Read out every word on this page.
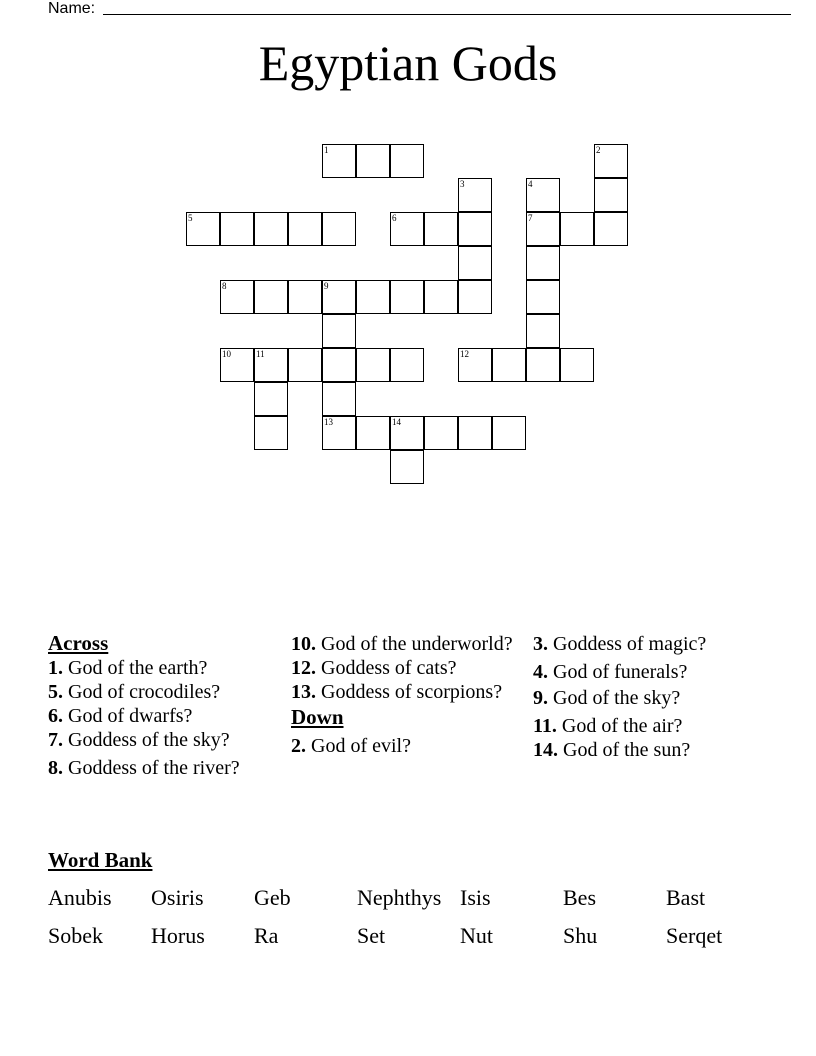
Name:
Egyptian Gods
1	2
3	4
7
5	6
8	9
13
10	11	12
14
Across

1. God of the earth?

5. God of crocodiles?

6. God of dwarfs?

7. Goddess of the sky?

8. Goddess of the river?

10. God of the underworld?

12. Goddess of cats?

13. Goddess of scorpions?

Down

2. God of evil?

3. Goddess of magic?

4. God of funerals?

9. God of the sky?

11. God of the air?

14. God of the sun?

Word Bank
Anubis Osiris Geb	Nephthys Isis	Bes	Bast
Sobek Horus Ra	Set	Nut	Shu	Serqet
